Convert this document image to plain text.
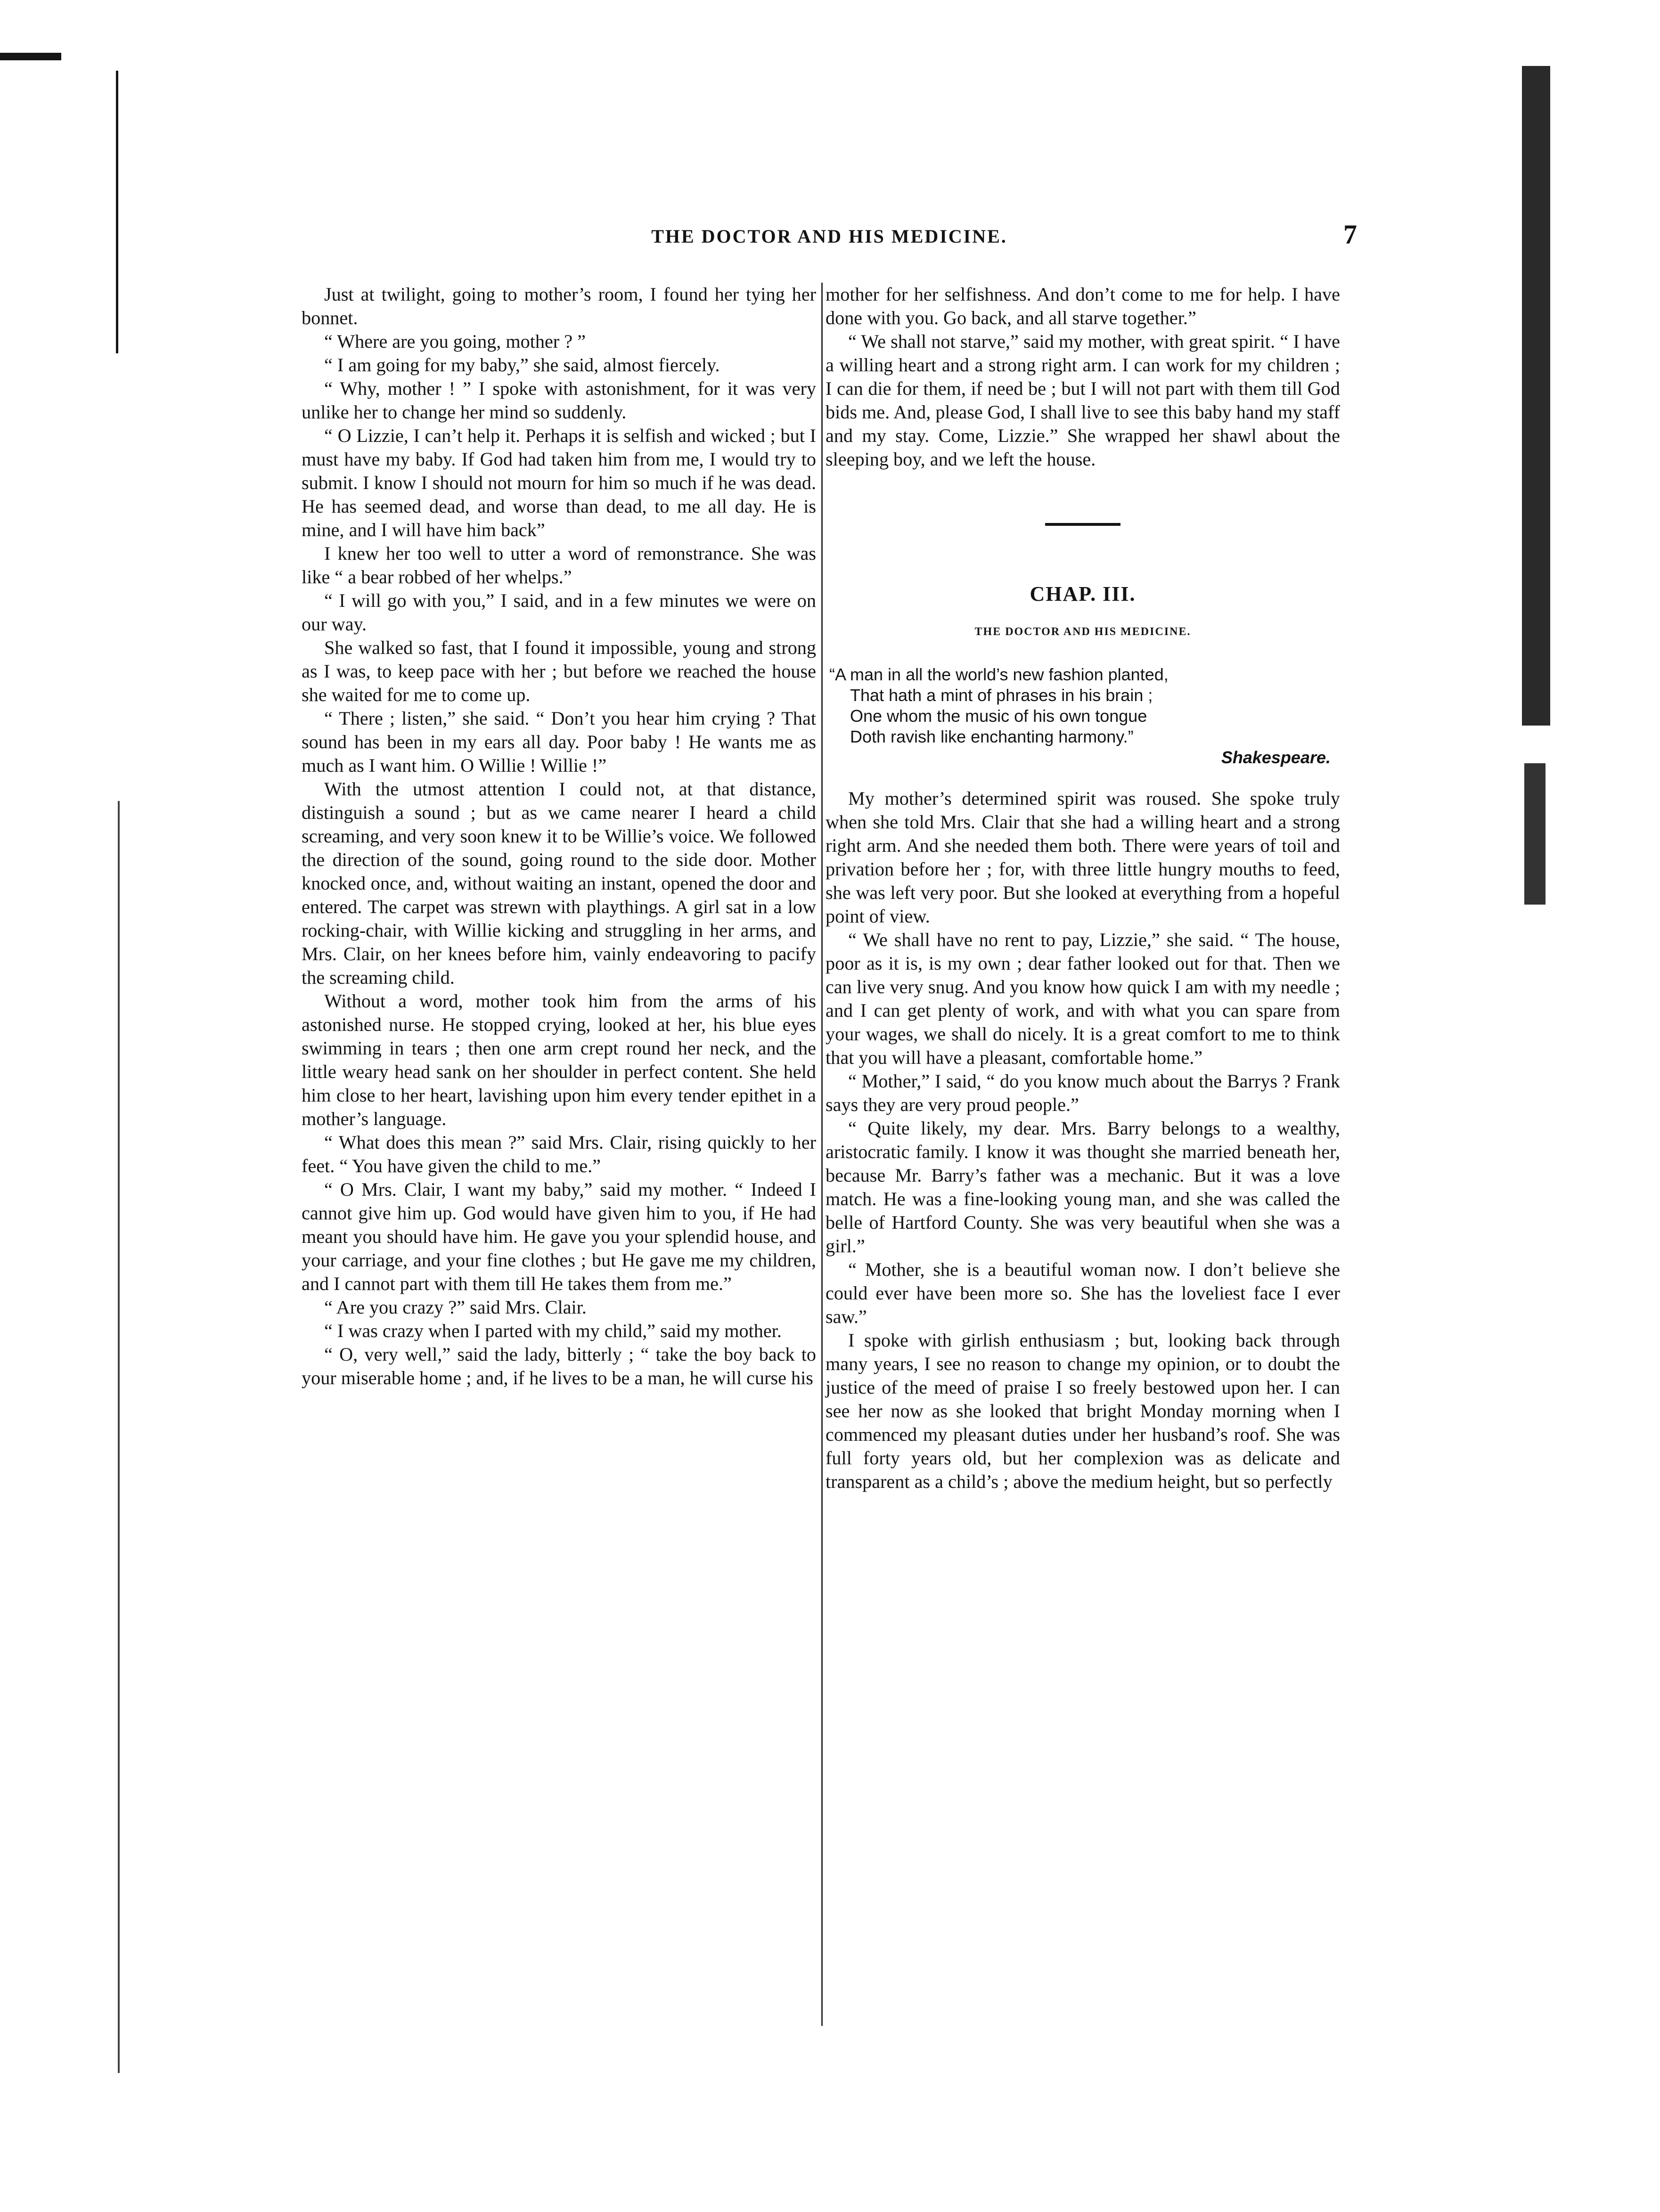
THE DOCTOR AND HIS MEDICINE.	7

Just at twilight, going to mother’s room, I found her tying her bonnet.

“ Where are you going, mother ? ”

“ I am going for my baby,” she said, almost fiercely.

“ Why, mother ! ” I spoke with astonishment, for it was very unlike her to change her mind so suddenly.

“ O Lizzie, I can’t help it. Perhaps it is selfish and wicked ; but I must have my baby. If God had taken him from me, I would try to submit. I know I should not mourn for him so much if he was dead. He has seemed dead, and worse than dead, to me all day. He is mine, and I will have him back”

I knew her too well to utter a word of remonstrance. She was like “ a bear robbed of her whelps.”

“ I will go with you,” I said, and in a few minutes we were on our way.

She walked so fast, that I found it impossible, young and strong as I was, to keep pace with her ; but before we reached the house she waited for me to come up.

“ There ; listen,” she said. “ Don’t you hear him crying ? That sound has been in my ears all day. Poor baby ! He wants me as much as I want him. O Willie ! Willie !”

With the utmost attention I could not, at that distance, distinguish a sound ; but as we came nearer I heard a child screaming, and very soon knew it to be Willie’s voice. We followed the direction of the sound, going round to the side door. Mother knocked once, and, without waiting an instant, opened the door and entered. The carpet was strewn with playthings. A girl sat in a low rocking-chair, with Willie kicking and struggling in her arms, and Mrs. Clair, on her knees before him, vainly endeavoring to pacify the screaming child.

Without a word, mother took him from the arms of his astonished nurse. He stopped crying, looked at her, his blue eyes swimming in tears ; then one arm crept round her neck, and the little weary head sank on her shoulder in perfect content. She held him close to her heart, lavishing upon him every tender epithet in a mother’s language.

“ What does this mean ?” said Mrs. Clair, rising quickly to her feet. “ You have given the child to me.”

“ O Mrs. Clair, I want my baby,” said my mother. “ Indeed I cannot give him up. God would have given him to you, if He had meant you should have him. He gave you your splendid house, and your carriage, and your fine clothes ; but He gave me my children, and I cannot part with them till He takes them from me.”

“ Are you crazy ?” said Mrs. Clair.

“ I was crazy when I parted with my child,” said my mother.

“ O, very well,” said the lady, bitterly ; “ take the boy back to your miserable home ; and, if he lives to be a man, he will curse his

mother for her selfishness. And don’t come to me for help. I have done with you. Go back, and all starve together.”

“ We shall not starve,” said my mother, with great spirit. “ I have a willing heart and a strong right arm. I can work for my children ; I can die for them, if need be ; but I will not part with them till God bids me. And, please God, I shall live to see this baby hand my staff and my stay. Come, Lizzie.” She wrapped her shawl about the sleeping boy, and we left the house.

CHAP. III.
THE DOCTOR AND HIS MEDICINE.
“A man in all the world’s new fashion planted,
That hath a mint of phrases in his brain ;
One whom the music of his own tongue
Doth ravish like enchanting harmony.”
Shakespeare.

My mother’s determined spirit was roused. She spoke truly when she told Mrs. Clair that she had a willing heart and a strong right arm. And she needed them both. There were years of toil and privation before her ; for, with three little hungry mouths to feed, she was left very poor. But she looked at everything from a hopeful point of view.

“ We shall have no rent to pay, Lizzie,” she said. “ The house, poor as it is, is my own ; dear father looked out for that. Then we can live very snug. And you know how quick I am with my needle ; and I can get plenty of work, and with what you can spare from your wages, we shall do nicely. It is a great comfort to me to think that you will have a pleasant, comfortable home.”

“ Mother,” I said, “ do you know much about the Barrys ? Frank says they are very proud people.”

“ Quite likely, my dear. Mrs. Barry belongs to a wealthy, aristocratic family. I know it was thought she married beneath her, because Mr. Barry’s father was a mechanic. But it was a love match. He was a fine-looking young man, and she was called the belle of Hartford County. She was very beautiful when she was a girl.”

“ Mother, she is a beautiful woman now. I don’t believe she could ever have been more so. She has the loveliest face I ever saw.”

I spoke with girlish enthusiasm ; but, looking back through many years, I see no reason to change my opinion, or to doubt the justice of the meed of praise I so freely bestowed upon her. I can see her now as she looked that bright Monday morning when I commenced my pleasant duties under her husband’s roof. She was full forty years old, but her complexion was as delicate and transparent as a child’s ; above the medium height, but so perfectly
